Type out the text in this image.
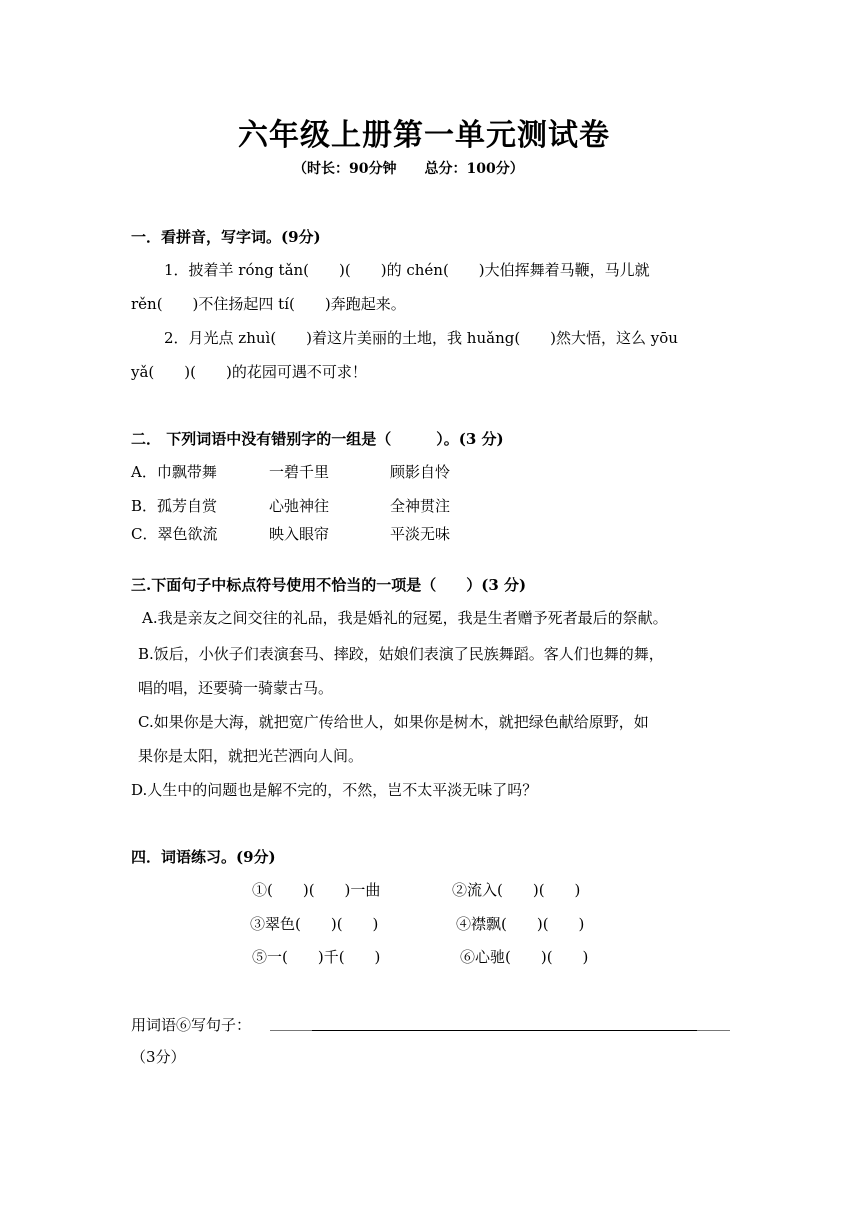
六年级上册第一单元测试卷
（时长：90分钟　　总分：100分）
一．看拼音，写字词。(9分)
1．披着羊 róng tǎn(　　)(　　)的 chén(　　)大伯挥舞着马鞭，马儿就
rěn(　　)不住扬起四 tí(　　)奔跑起来。
2．月光点 zhuì(　　)着这片美丽的土地，我 huǎng(　　)然大悟，这么 yōu
yǎ(　　)(　　)的花园可遇不可求！
二． 下列词语中没有错别字的一组是（　　　）。(3 分)
A．巾飘带舞	一碧千里	顾影自怜
B．孤芳自赏	心弛神往	全神贯注
C．翠色欲流	映入眼帘	平淡无味
三.下面句子中标点符号使用不恰当的一项是（　　）(3 分)
A.我是亲友之间交往的礼品，我是婚礼的冠冕，我是生者赠予死者最后的祭献。
B.饭后，小伙子们表演套马、摔跤，姑娘们表演了民族舞蹈。客人们也舞的舞，
唱的唱，还要骑一骑蒙古马。
C.如果你是大海，就把宽广传给世人，如果你是树木，就把绿色献给原野，如
果你是太阳，就把光芒洒向人间。
D.人生中的问题也是解不完的，不然，岂不太平淡无味了吗？
四．词语练习。(9分)
①(　　)(　　)一曲	②流入(　　)(　　)
③翠色(　　)(　　)	④襟飘(　　)(　　)
⑤一(　　)千(　　)	⑥心驰(　　)(　　)
用词语⑥写句子：
（3分）
